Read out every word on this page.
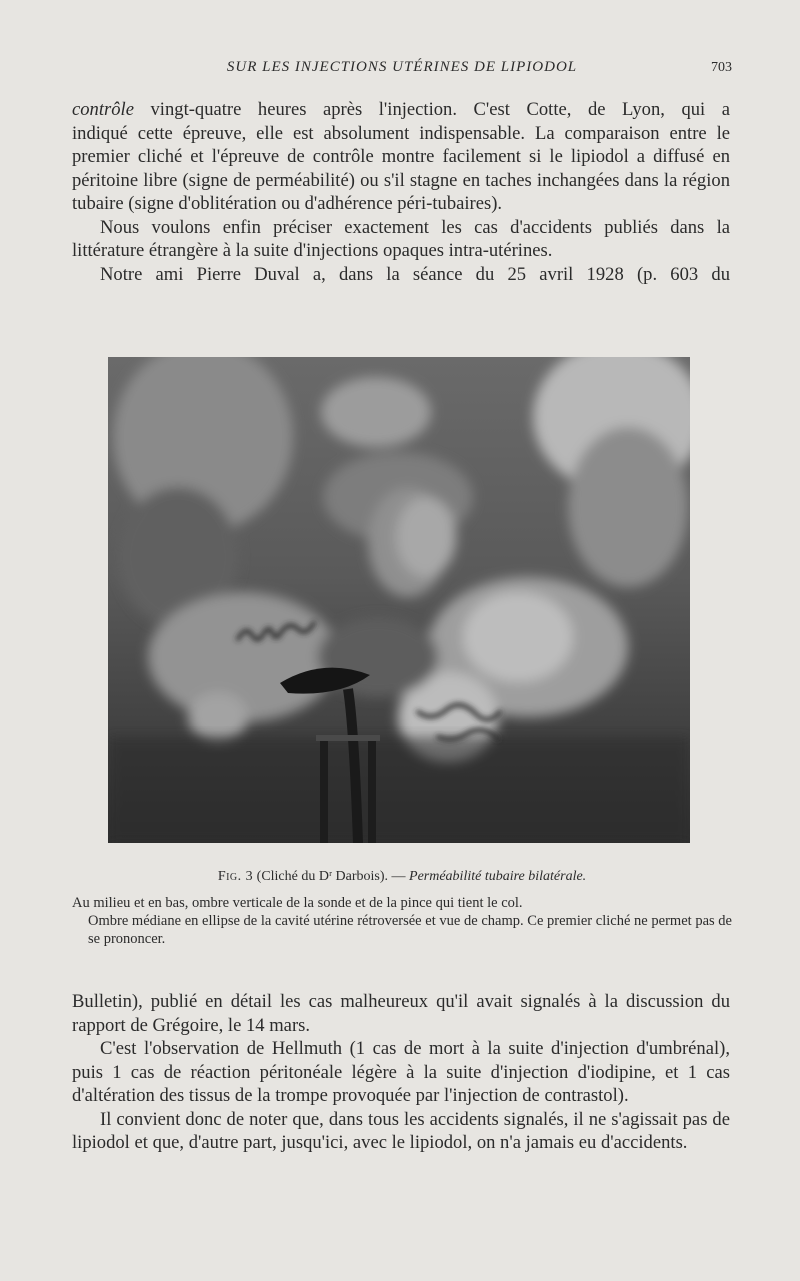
SUR LES INJECTIONS UTÉRINES DE LIPIODOL	703

contrôle vingt-quatre heures après l'injection. C'est Cotte, de Lyon, qui a

indiqué cette épreuve, elle est absolument indispensable. La comparaison entre le premier cliché et l'épreuve de contrôle montre facilement si le lipiodol a diffusé en péritoine libre (signe de perméabilité) ou s'il stagne en taches inchangées dans la région tubaire (signe d'oblitération ou d'adhérence péri-tubaires).

Nous voulons enfin préciser exactement les cas d'accidents publiés dans la littérature étrangère à la suite d'injections opaques intra-utérines.

Notre ami Pierre Duval a, dans la séance du 25 avril 1928 (p. 603 du

Fig. 3 (Cliché du Dʳ Darbois). — Perméabilité tubaire bilatérale.

Au milieu et en bas, ombre verticale de la sonde et de la pince qui tient le col.

Ombre médiane en ellipse de la cavité utérine rétroversée et vue de champ. Ce premier cliché ne permet pas de se prononcer.

Bulletin), publié en détail les cas malheureux qu'il avait signalés à la discussion du rapport de Grégoire, le 14 mars.

C'est l'observation de Hellmuth (1 cas de mort à la suite d'injection d'umbrénal), puis 1 cas de réaction péritonéale légère à la suite d'injection d'iodipine, et 1 cas d'altération des tissus de la trompe provoquée par l'injection de contrastol).

Il convient donc de noter que, dans tous les accidents signalés, il ne s'agissait pas de lipiodol et que, d'autre part, jusqu'ici, avec le lipiodol, on n'a jamais eu d'accidents.
